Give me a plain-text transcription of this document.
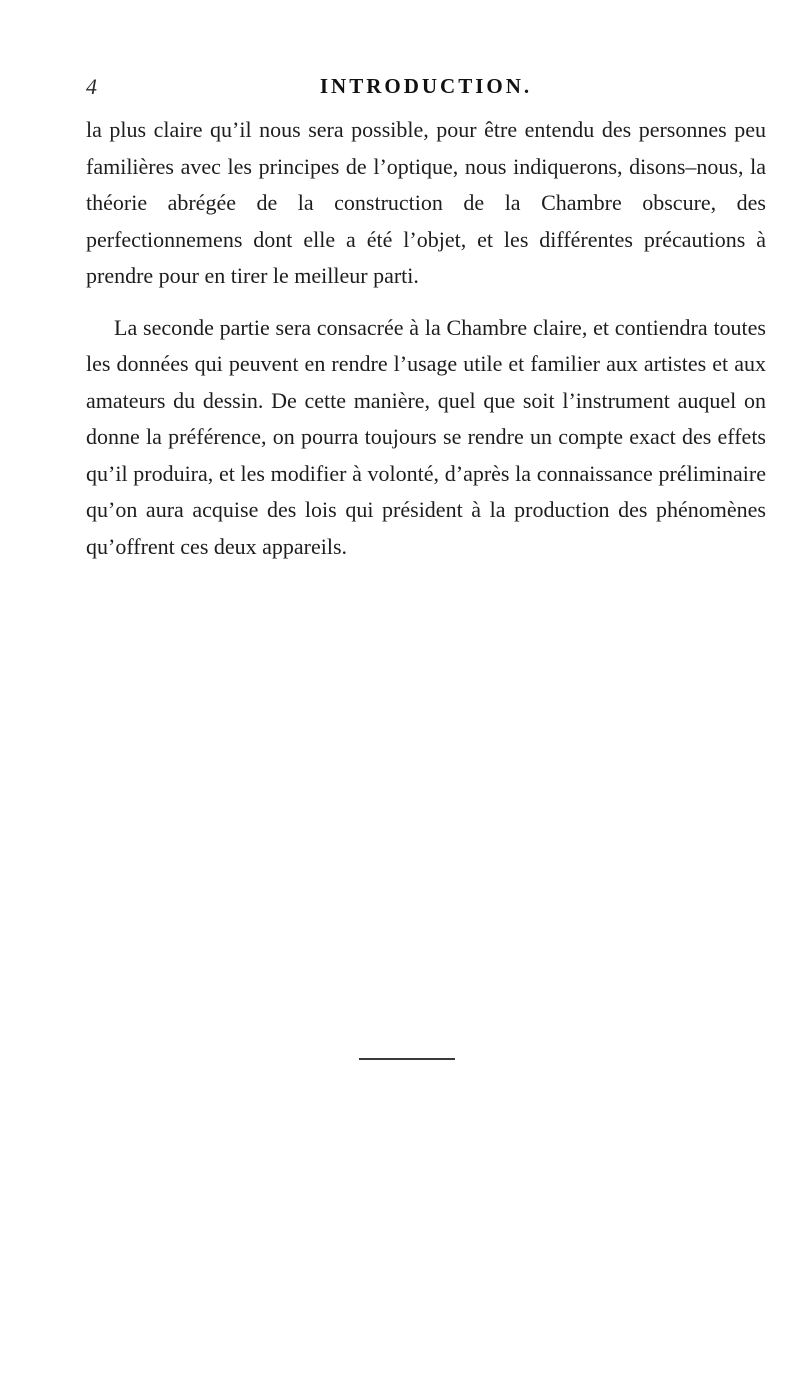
4	INTRODUCTION.

la plus claire qu’il nous sera possible, pour être entendu des personnes peu familières avec les principes de l’optique, nous indiquerons, disons–nous, la théorie abrégée de la construction de la Chambre obscure, des perfectionnemens dont elle a été l’objet, et les différentes précautions à prendre pour en tirer le meilleur parti.

La seconde partie sera consacrée à la Chambre claire, et contiendra toutes les données qui peuvent en rendre l’usage utile et familier aux artistes et aux amateurs du dessin. De cette manière, quel que soit l’instrument auquel on donne la préférence, on pourra toujours se rendre un compte exact des effets qu’il produira, et les modifier à volonté, d’après la connaissance préliminaire qu’on aura acquise des lois qui président à la production des phénomènes qu’offrent ces deux appareils.
